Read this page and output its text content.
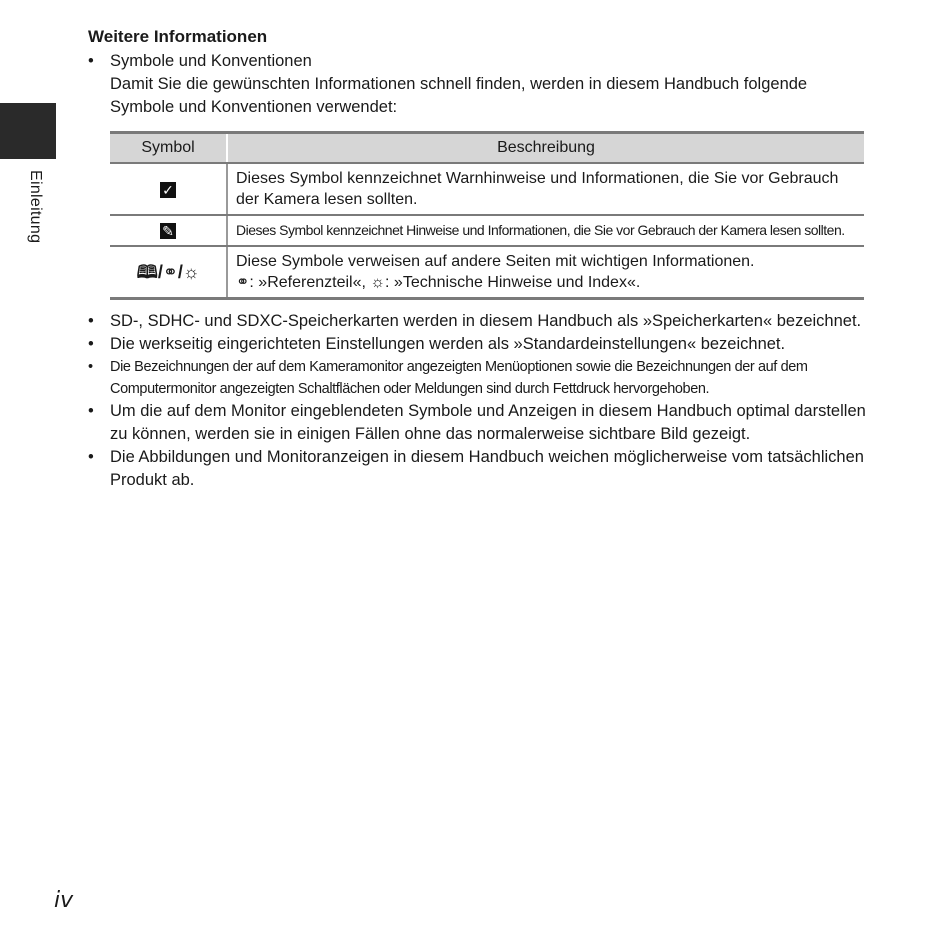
Einleitung
Weitere Informationen
• Symbole und Konventionen
Damit Sie die gewünschten Informationen schnell finden, werden in diesem Handbuch folgende Symbole und Konventionen verwendet:
Symbol	Beschreibung
✓	Dieses Symbol kennzeichnet Warnhinweise und Informationen, die Sie vor Gebrauch der Kamera lesen sollten.
✎	Dieses Symbol kennzeichnet Hinweise und Informationen, die Sie vor Gebrauch der Kamera lesen sollten.
🕮/⚭/☼	Diese Symbole verweisen auf andere Seiten mit wichtigen Informationen.
⚭: »Referenzteil«, ☼: »Technische Hinweise und Index«.
• SD-, SDHC- und SDXC-Speicherkarten werden in diesem Handbuch als »Speicherkarten« bezeichnet.
• Die werkseitig eingerichteten Einstellungen werden als »Standardeinstellungen« bezeichnet.
• Die Bezeichnungen der auf dem Kameramonitor angezeigten Menüoptionen sowie die Bezeichnungen der auf dem Computermonitor angezeigten Schaltflächen oder Meldungen sind durch Fettdruck hervorgehoben.
• Um die auf dem Monitor eingeblendeten Symbole und Anzeigen in diesem Handbuch optimal darstellen zu können, werden sie in einigen Fällen ohne das normalerweise sichtbare Bild gezeigt.
• Die Abbildungen und Monitoranzeigen in diesem Handbuch weichen möglicherweise vom tatsächlichen Produkt ab.
iv
